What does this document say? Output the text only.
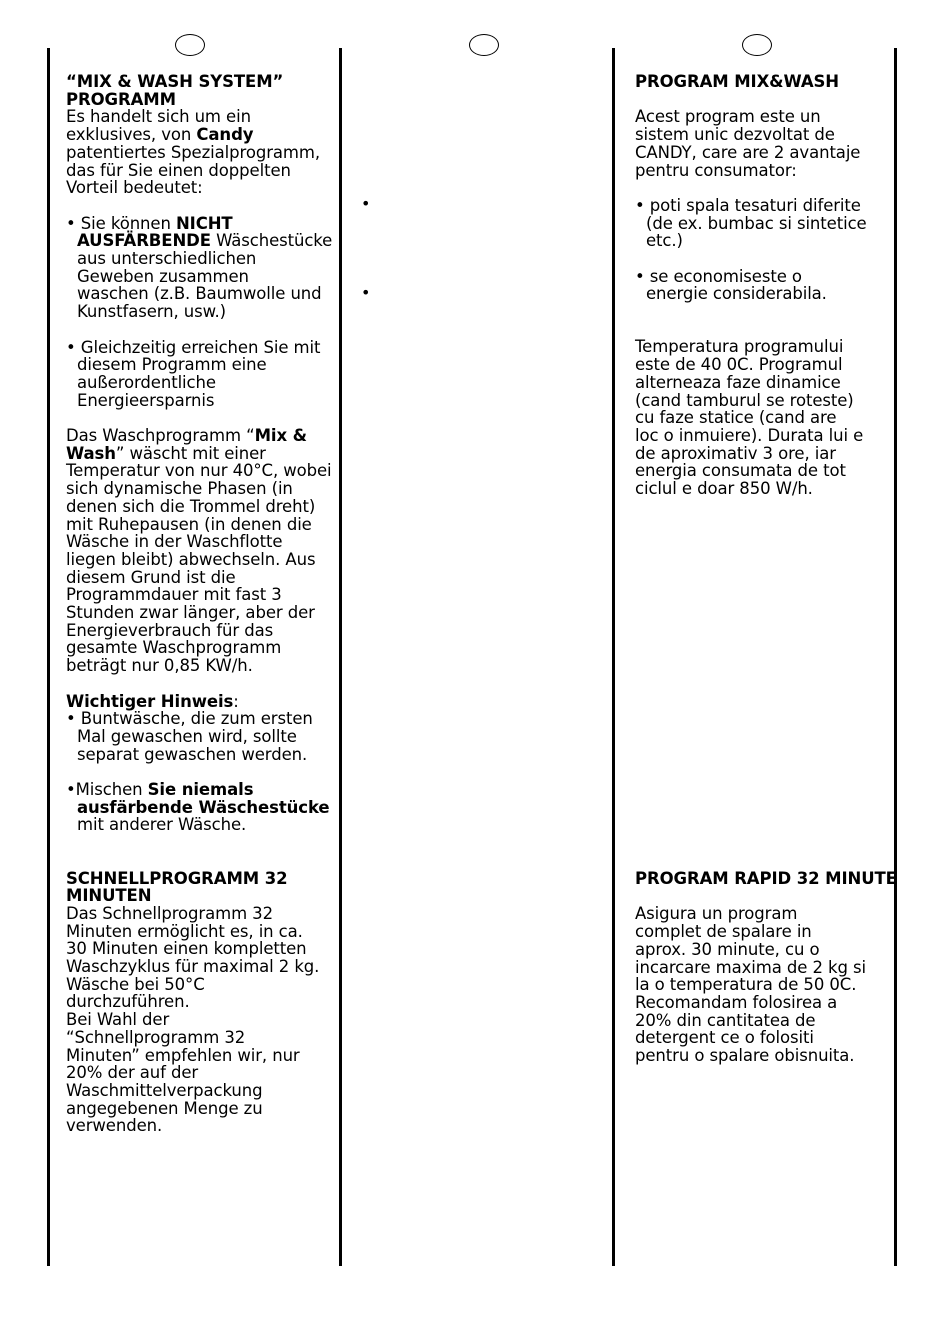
“MIX & WASH SYSTEM”

PROGRAMM

Es handelt sich um ein

exklusives, von Candy

patentiertes Spezialprogramm,

das für Sie einen doppelten

Vorteil bedeutet:

• Sie können NICHT

AUSFÄRBENDE Wäschestücke

aus unterschiedlichen

Geweben zusammen

waschen (z.B. Baumwolle und

Kunstfasern, usw.)

• Gleichzeitig erreichen Sie mit

diesem Programm eine

außerordentliche

Energieersparnis

Das Waschprogramm “Mix &

Wash” wäscht mit einer

Temperatur von nur 40°C, wobei

sich dynamische Phasen (in

denen sich die Trommel dreht)

mit Ruhepausen (in denen die

Wäsche in der Waschflotte

liegen bleibt) abwechseln. Aus

diesem Grund ist die

Programmdauer mit fast 3

Stunden zwar länger, aber der

Energieverbrauch für das

gesamte Waschprogramm

beträgt nur 0,85 KW/h.

Wichtiger Hinweis:

• Buntwäsche, die zum ersten

Mal gewaschen wird, sollte

separat gewaschen werden.

•Mischen Sie niemals

ausfärbende Wäschestücke

mit anderer Wäsche.

SCHNELLPROGRAMM 32

MINUTEN

Das Schnellprogramm 32

Minuten ermöglicht es, in ca.

30 Minuten einen kompletten

Waschzyklus für maximal 2 kg.

Wäsche bei 50°C

durchzuführen.

Bei Wahl der

“Schnellprogramm 32

Minuten” empfehlen wir, nur

20% der auf der

Waschmittelverpackung

angegebenen Menge zu

verwenden.

•
•

PROGRAM MIX&WASH

Acest program este un

sistem unic dezvoltat de

CANDY, care are 2 avantaje

pentru consumator:

• poti spala tesaturi diferite

(de ex. bumbac si sintetice

etc.)

• se economiseste o

energie considerabila.

Temperatura programului

este de 40 0C. Programul

alterneaza faze dinamice

(cand tamburul se roteste)

cu faze statice (cand are

loc o inmuiere). Durata lui e

de aproximativ 3 ore, iar

energia consumata de tot

ciclul e doar 850 W/h.

PROGRAM RAPID 32 MINUTE

Asigura un program

complet de spalare in

aprox. 30 minute, cu o

incarcare maxima de 2 kg si

la o temperatura de 50 0C.

Recomandam folosirea a

20% din cantitatea de

detergent ce o folositi

pentru o spalare obisnuita.
